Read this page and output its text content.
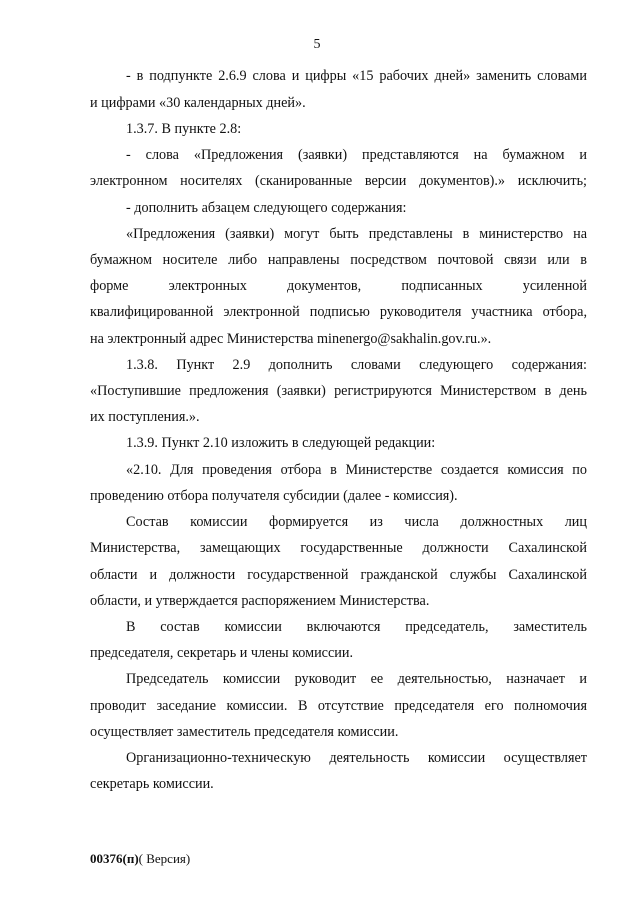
5
- в подпункте 2.6.9 слова и цифры «15 рабочих дней» заменить словами
и цифрами «30 календарных дней».
1.3.7. В пункте 2.8:
- слова «Предложения (заявки) представляются на бумажном и
электронном носителях (сканированные версии документов).» исключить;
- дополнить абзацем следующего содержания:
«Предложения (заявки) могут быть представлены в министерство на
бумажном носителе либо направлены посредством почтовой связи или в
форме электронных документов, подписанных усиленной
квалифицированной электронной подписью руководителя участника отбора,
на электронный адрес Министерства minenergo@sakhalin.gov.ru.».
1.3.8. Пункт 2.9 дополнить словами следующего содержания:
«Поступившие предложения (заявки) регистрируются Министерством в день
их поступления.».
1.3.9. Пункт 2.10 изложить в следующей редакции:
«2.10. Для проведения отбора в Министерстве создается комиссия по
проведению отбора получателя субсидии (далее - комиссия).
Состав комиссии формируется из числа должностных лиц
Министерства, замещающих государственные должности Сахалинской
области и должности государственной гражданской службы Сахалинской
области, и утверждается распоряжением Министерства.
В состав комиссии включаются председатель, заместитель
председателя, секретарь и члены комиссии.
Председатель комиссии руководит ее деятельностью, назначает и
проводит заседание комиссии. В отсутствие председателя его полномочия
осуществляет заместитель председателя комиссии.
Организационно-техническую деятельность комиссии осуществляет
секретарь комиссии.
00376(п)( Версия)
